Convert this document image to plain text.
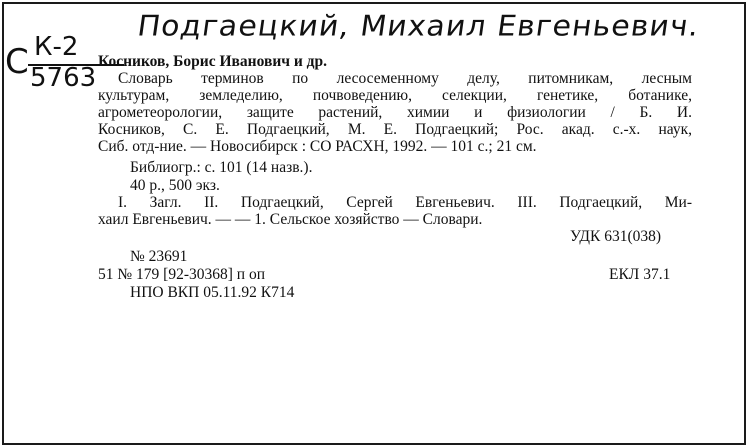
Подгаецкий, Михаил Евгеньевич.
С К-2
5763
Косников, Борис Иванович и др.
Словарь терминов по лесосеменному делу, питомникам, лесным
культурам, земледелию, почвоведению, селекции, генетике, ботанике,
агрометеорологии, защите растений, химии и физиологии / Б. И.
Косников, С. Е. Подгаецкий, М. Е. Подгаецкий; Рос. акад. с.-х. наук,
Сиб. отд-ние. — Новосибирск : СО РАСХН, 1992. — 101 с.; 21 см.
Библиогр.: с. 101 (14 назв.).
40 р., 500 экз.
I. Загл. II. Подгаецкий, Сергей Евгеньевич. III. Подгаецкий, Ми-
хаил Евгеньевич. — — 1. Сельское хозяйство — Словари.
УДК 631(038)
№ 23691
51 № 179 [92-30368] п оп	ЕКЛ 37.1
НПО ВКП 05.11.92 К714
